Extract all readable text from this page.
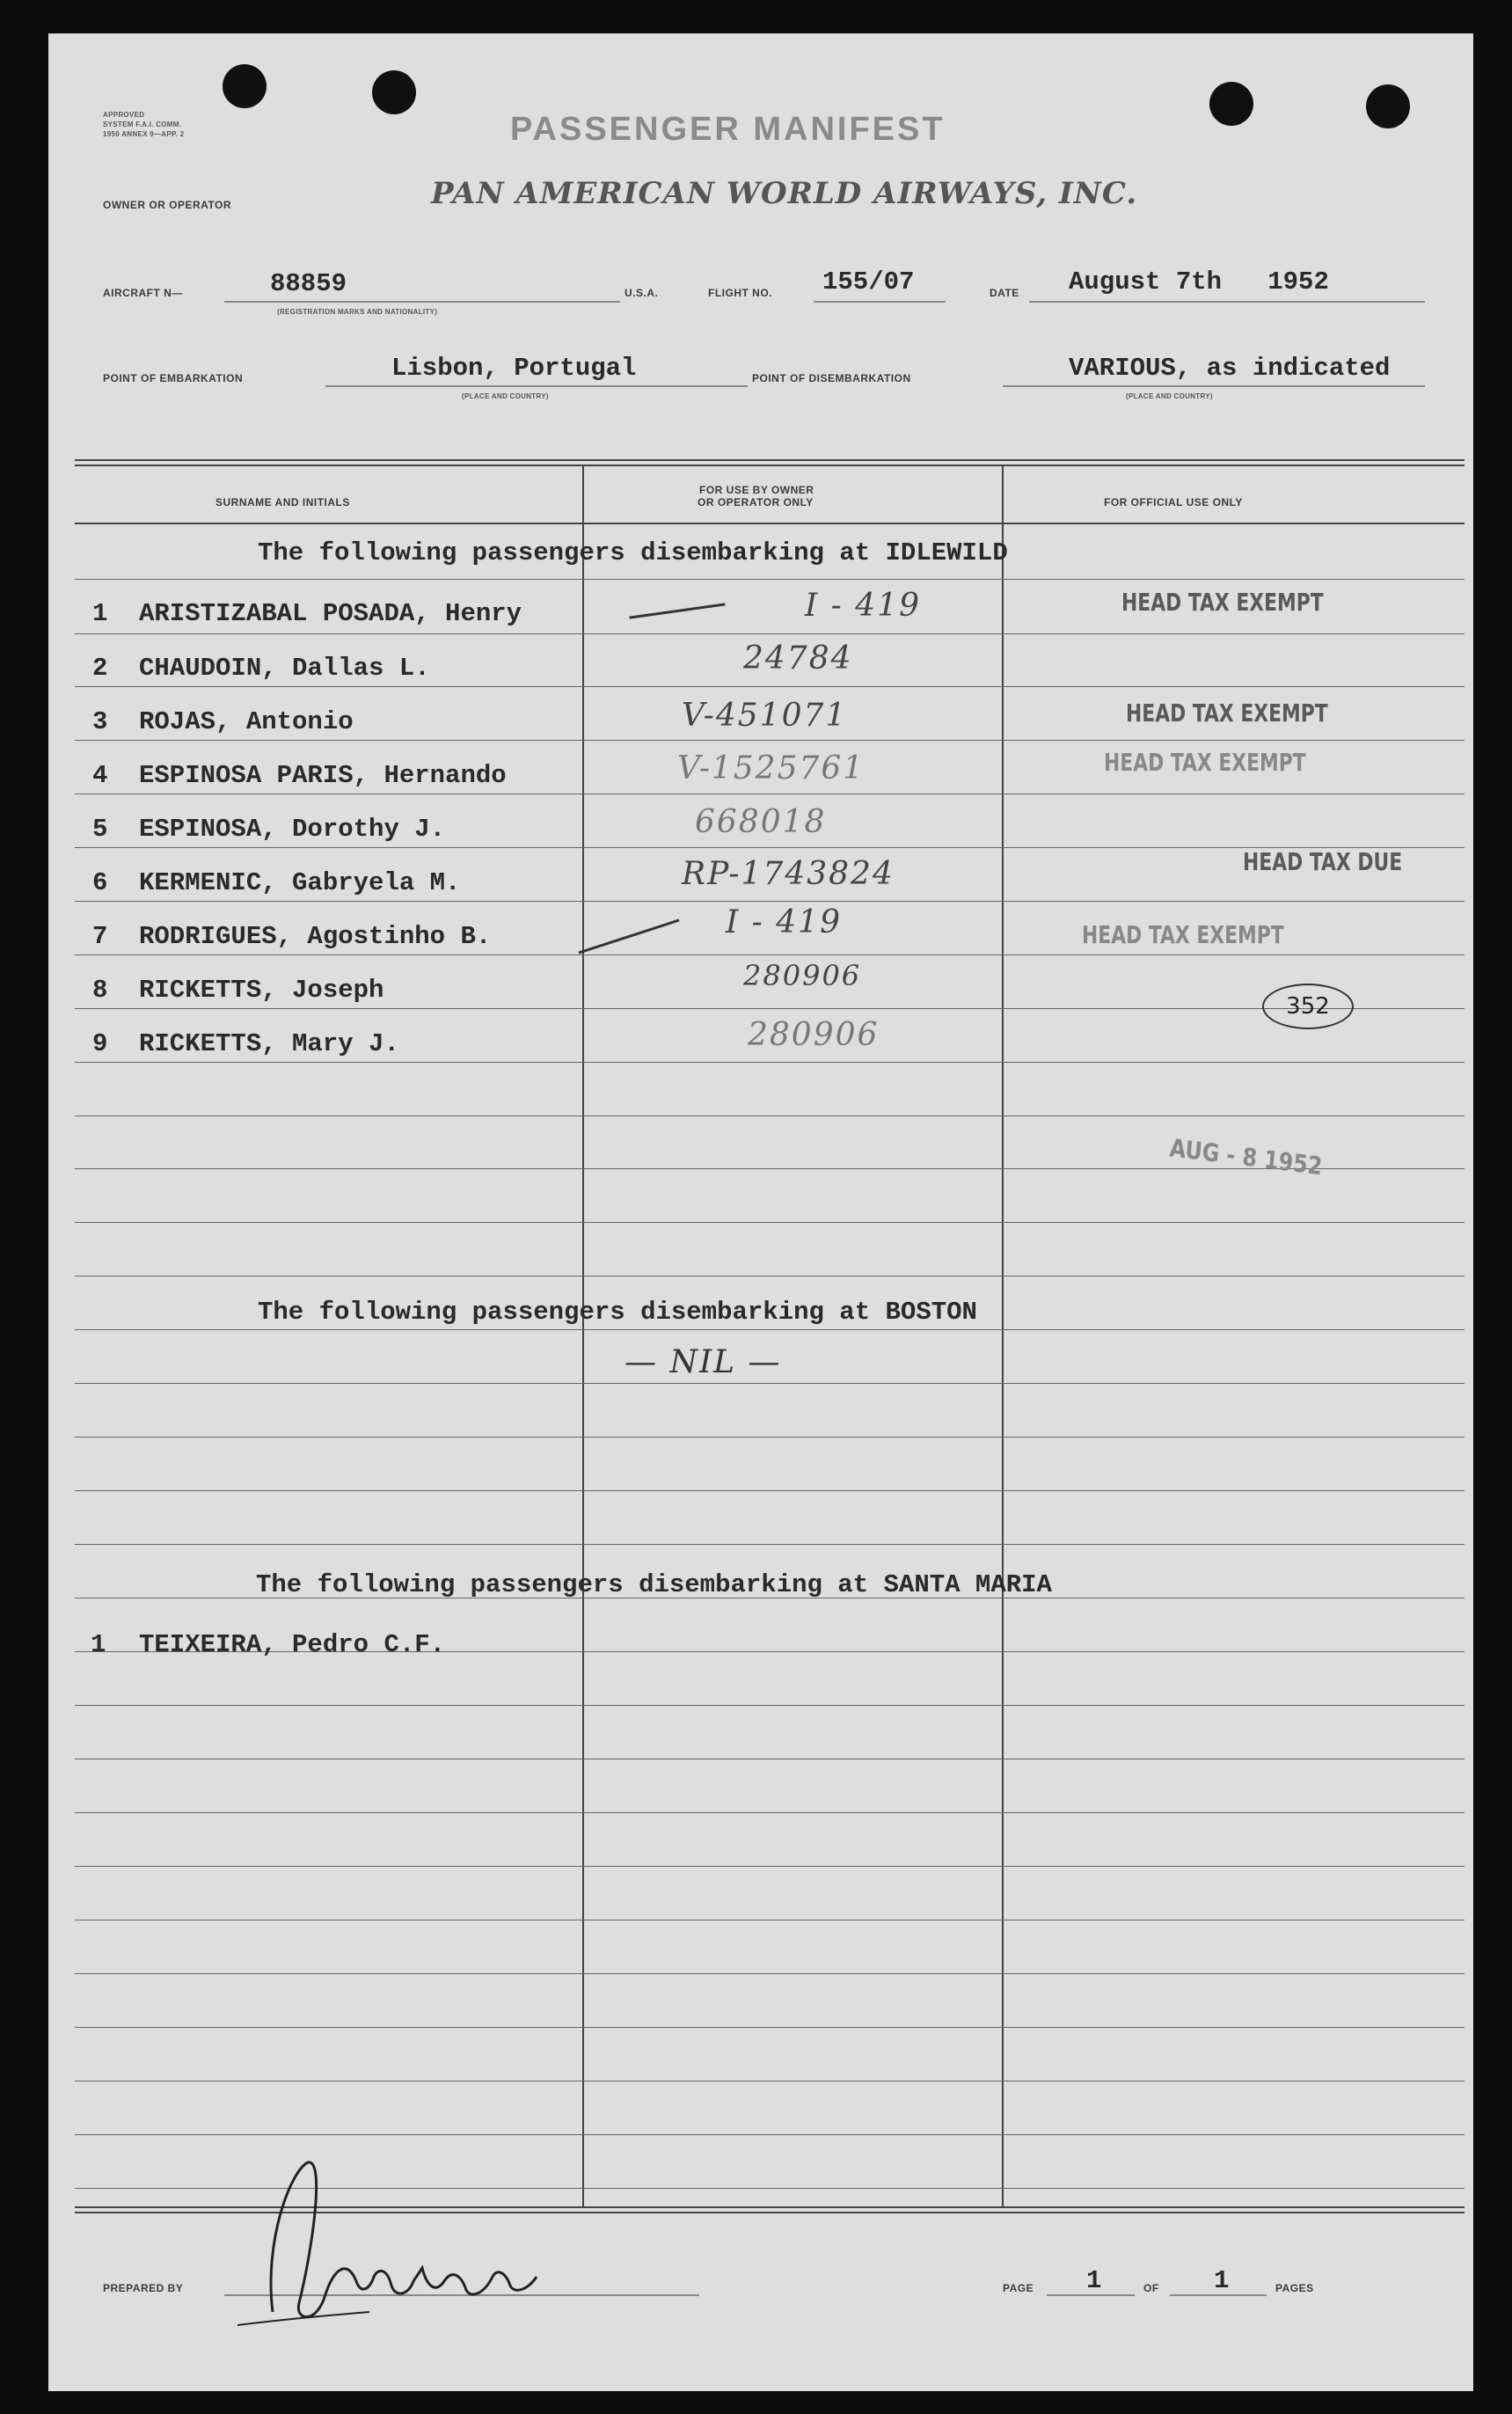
APPROVED
SYSTEM F.A.I. COMM.
1950 ANNEX 9—APP. 2	PASSENGER MANIFEST
OWNER OR OPERATOR	PAN AMERICAN WORLD AIRWAYS, INC.
AIRCRAFT N—	88859
(REGISTRATION MARKS AND NATIONALITY)
U.S.A.	FLIGHT NO. 155/07	DATE August 7th   1952
POINT OF EMBARKATION	Lisbon, Portugal
(PLACE AND COUNTRY)
POINT OF DISEMBARKATION	VARIOUS, as indicated
(PLACE AND COUNTRY)
SURNAME AND INITIALS
FOR USE BY OWNER
OR OPERATOR ONLY	FOR OFFICIAL USE ONLY
The following passengers disembarking at IDLEWILD
1 ARISTIZABAL POSADA, Henry	I - 419	HEAD TAX EXEMPT
2 CHAUDOIN, Dallas L.	24784
3 ROJAS, Antonio	V-451071	HEAD TAX EXEMPT
4 ESPINOSA PARIS, Hernando	V-1525761	HEAD TAX EXEMPT
5 ESPINOSA, Dorothy J.	668018
6 KERMENIC, Gabryela M.	RP-1743824	HEAD TAX DUE
7 RODRIGUES, Agostinho B.	I - 419	HEAD TAX EXEMPT
8 RICKETTS, Joseph	280906
352
9 RICKETTS, Mary J.	280906
AUG - 8 1952
The following passengers disembarking at BOSTON
— NIL —
The following passengers disembarking at SANTA MARIA
1 TEIXEIRA, Pedro C.F.
PREPARED BY	PAGE 1	OF 1	PAGES
